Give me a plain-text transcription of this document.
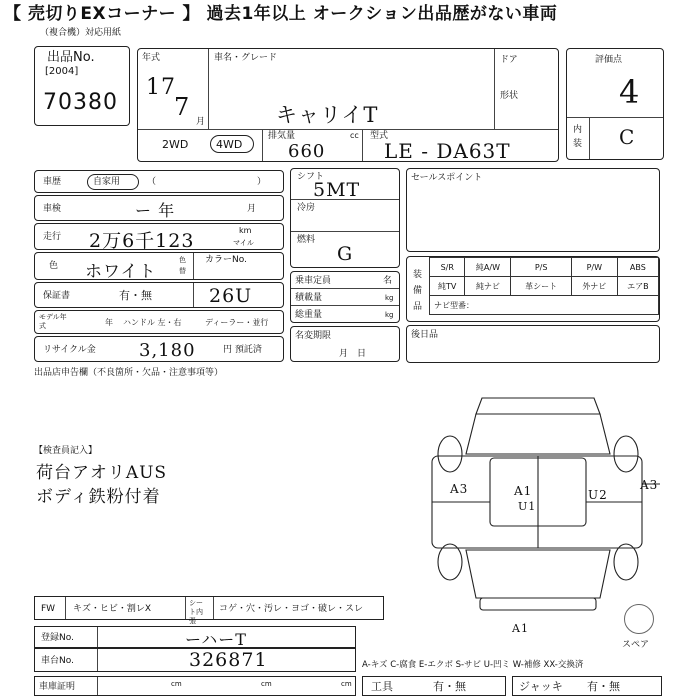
【 売切りEXコーナー 】 過去1年以上 オークション出品歴がない車両
（複合機）対応用紙
出品No.
[2004]
70380
年式
17
7
月
車名・グレード
キャリイT
ドア
形状
2WD	4WD
排気量	cc
660
型式
LE - DA63T
評価点
4
内装 C
車歴	自家用	（	）
車検	ー 年	月
走行 2万6千123	km
マイル
色 ホワイト
色替
カラーNo.
保証書	有・無	26U
モデル年式	年 ハンドル 左・右	ディーラー・並行
リサイクル金 3,180	円 預託済
シフト
5MT
冷房
燃料
G
乗車定員	名
積載量	kg
総重量	kg
名変期限
月　日
セールスポイント
装備品
S/R	純A/W	P/S	P/W	ABS
純TV	純ナビ	革シート	外ナビ	エアB
ナビ型番：				
後日品
出品店申告欄（不良箇所・欠品・注意事項等）
【検査員記入】
荷台アオリAUS
ボディ鉄粉付着	A3	A1
U1
U2
A3
A1
スペア
FW キズ・ヒビ・割レX
シート内張
コゲ・穴・汚レ・ヨゴ・破レ・スレ
登録No.	ーハーT
車台No.	326871
車庫証明	cm	cm	cm
A-キズ C-腐食 E-エクボ S-サビ U-凹ミ W-補修 XX-交換済
工具	有・無	ジャッキ 有・無
